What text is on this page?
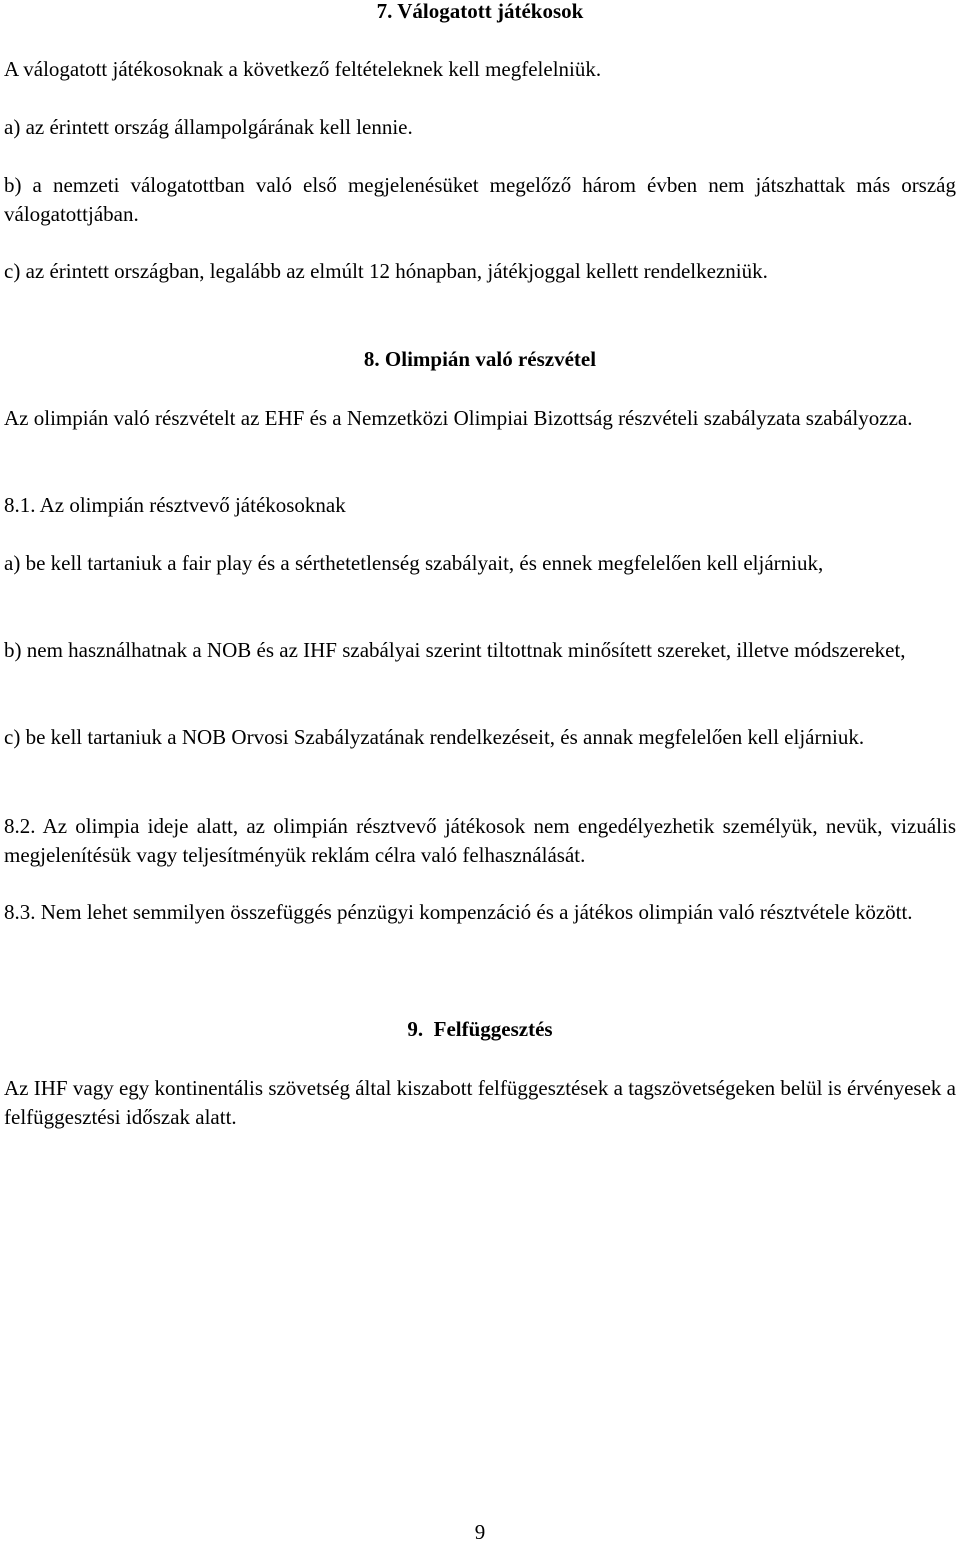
7. Válogatott játékosok

A válogatott játékosoknak a következő feltételeknek kell megfelelniük.

a) az érintett ország állampolgárának kell lennie.

b) a nemzeti válogatottban való első megjelenésüket megelőző három évben nem játszhattak más ország válogatottjában.

c) az érintett országban, legalább az elmúlt 12 hónapban, játékjoggal kellett rendelkezniük.

8. Olimpián való részvétel

Az olimpián való részvételt az EHF és a Nemzetközi Olimpiai Bizottság részvételi szabályzata szabályozza.

8.1. Az olimpián résztvevő játékosoknak

a) be kell tartaniuk a fair play és a sérthetetlenség szabályait, és ennek megfelelően kell eljárniuk,

b) nem használhatnak a NOB és az IHF szabályai szerint tiltottnak minősített szereket, illetve módszereket,

c) be kell tartaniuk a NOB Orvosi Szabályzatának rendelkezéseit, és annak megfelelően kell eljárniuk.

8.2. Az olimpia ideje alatt, az olimpián résztvevő játékosok nem engedélyezhetik személyük, nevük, vizuális megjelenítésük vagy teljesítményük reklám célra való felhasználását.

8.3. Nem lehet semmilyen összefüggés pénzügyi kompenzáció és a játékos olimpián való résztvétele között.

9.  Felfüggesztés

Az IHF vagy egy kontinentális szövetség által kiszabott felfüggesztések a tagszövetségeken belül is érvényesek a felfüggesztési időszak alatt.

9
